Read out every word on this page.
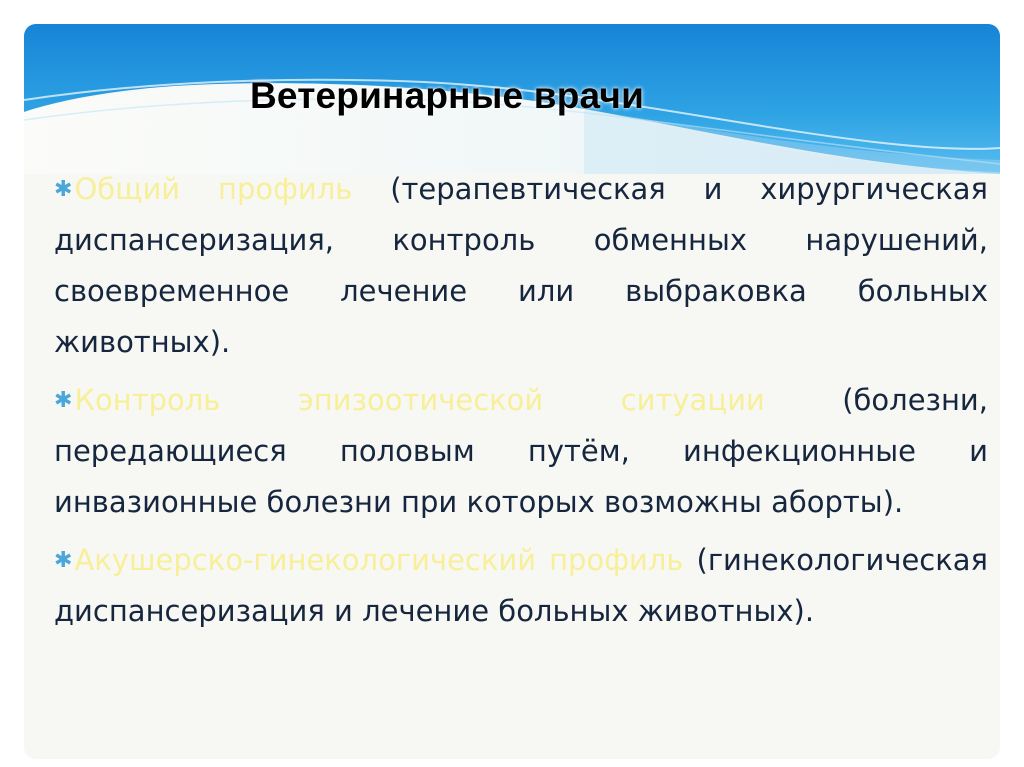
Ветеринарные врачи

✱Общий профиль (терапевтическая и хирургическая диспансеризация, контроль обменных нарушений, своевременное лечение или выбраковка больных животных).

✱Контроль эпизоотической ситуации (болезни, передающиеся половым путём, инфекционные и инвазионные болезни при которых возможны аборты).

✱Акушерско-гинекологический профиль (гинекологическая диспансеризация и лечение больных животных).
